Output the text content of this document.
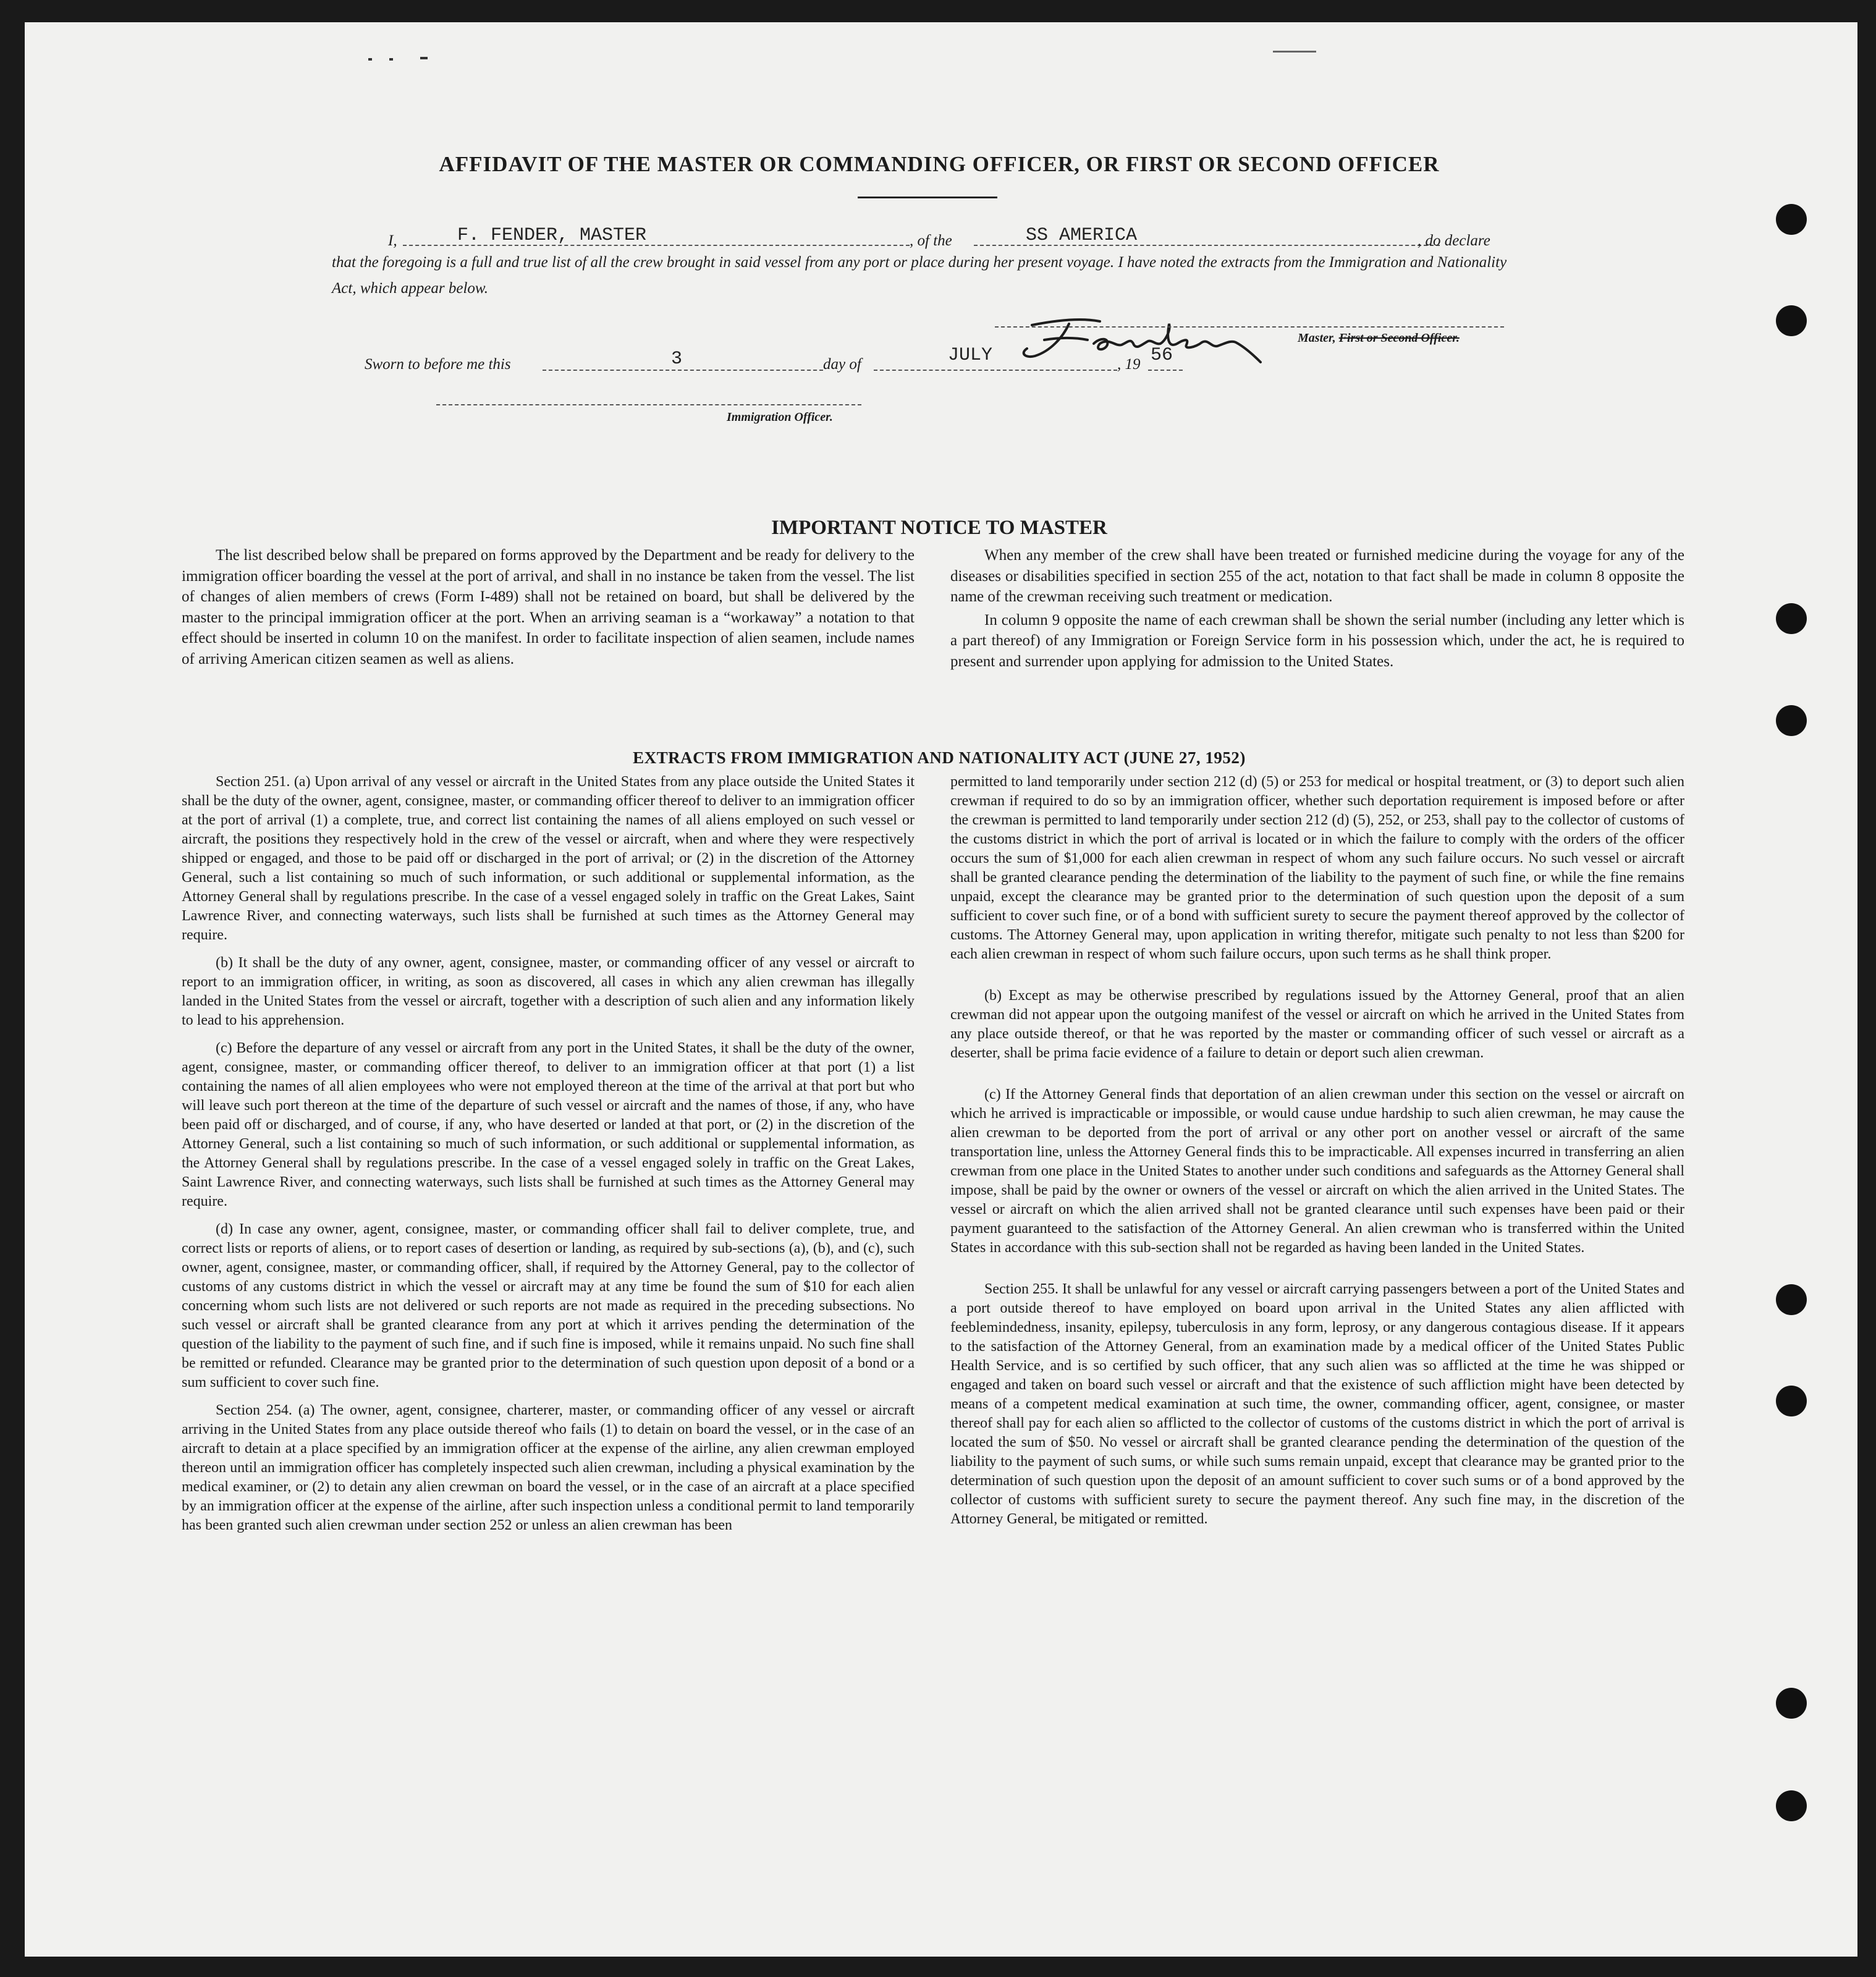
AFFIDAVIT OF THE MASTER OR COMMANDING OFFICER, OR FIRST OR SECOND OFFICER
I,	F. FENDER, MASTER	, of the	SS AMERICA	, do declare
that the foregoing is a full and true list of all the crew brought in said vessel from any port or place during her present voyage. I have noted the extracts from the Immigration and Nationality Act, which appear below.
Master, First or Second Officer.
Sworn to before me this	3	day of	JULY	, 19 56
Immigration Officer.
IMPORTANT NOTICE TO MASTER

The list described below shall be prepared on forms approved by the Department and be ready for delivery to the immigration officer boarding the vessel at the port of arrival, and shall in no instance be taken from the vessel. The list of changes of alien members of crews (Form I-489) shall not be retained on board, but shall be delivered by the master to the principal immigration officer at the port. When an arriving seaman is a “workaway” a notation to that effect should be inserted in column 10 on the manifest. In order to facilitate inspection of alien seamen, include names of arriving American citizen seamen as well as aliens.

When any member of the crew shall have been treated or furnished medicine during the voyage for any of the diseases or disabilities specified in section 255 of the act, notation to that fact shall be made in column 8 opposite the name of the crewman receiving such treatment or medication.

In column 9 opposite the name of each crewman shall be shown the serial number (including any letter which is a part thereof) of any Immigration or Foreign Service form in his possession which, under the act, he is required to present and surrender upon applying for admission to the United States.

EXTRACTS FROM IMMIGRATION AND NATIONALITY ACT (JUNE 27, 1952)

Section 251. (a) Upon arrival of any vessel or aircraft in the United States from any place outside the United States it shall be the duty of the owner, agent, consignee, master, or commanding officer thereof to deliver to an immigration officer at the port of arrival (1) a complete, true, and correct list containing the names of all aliens employed on such vessel or aircraft, the positions they respectively hold in the crew of the vessel or aircraft, when and where they were respectively shipped or engaged, and those to be paid off or discharged in the port of arrival; or (2) in the discretion of the Attorney General, such a list containing so much of such information, or such additional or supplemental information, as the Attorney General shall by regulations prescribe. In the case of a vessel engaged solely in traffic on the Great Lakes, Saint Lawrence River, and connecting waterways, such lists shall be furnished at such times as the Attorney General may require.

(b) It shall be the duty of any owner, agent, consignee, master, or commanding officer of any vessel or aircraft to report to an immigration officer, in writing, as soon as discovered, all cases in which any alien crewman has illegally landed in the United States from the vessel or aircraft, together with a description of such alien and any information likely to lead to his apprehension.

(c) Before the departure of any vessel or aircraft from any port in the United States, it shall be the duty of the owner, agent, consignee, master, or commanding officer thereof, to deliver to an immigration officer at that port (1) a list containing the names of all alien employees who were not employed thereon at the time of the arrival at that port but who will leave such port thereon at the time of the departure of such vessel or aircraft and the names of those, if any, who have been paid off or discharged, and of course, if any, who have deserted or landed at that port, or (2) in the discretion of the Attorney General, such a list containing so much of such information, or such additional or supplemental information, as the Attorney General shall by regulations prescribe. In the case of a vessel engaged solely in traffic on the Great Lakes, Saint Lawrence River, and connecting waterways, such lists shall be furnished at such times as the Attorney General may require.

(d) In case any owner, agent, consignee, master, or commanding officer shall fail to deliver complete, true, and correct lists or reports of aliens, or to report cases of desertion or landing, as required by sub-sections (a), (b), and (c), such owner, agent, consignee, master, or commanding officer, shall, if required by the Attorney General, pay to the collector of customs of any customs district in which the vessel or aircraft may at any time be found the sum of $10 for each alien concerning whom such lists are not delivered or such reports are not made as required in the preceding subsections. No such vessel or aircraft shall be granted clearance from any port at which it arrives pending the determination of the question of the liability to the payment of such fine, and if such fine is imposed, while it remains unpaid. No such fine shall be remitted or refunded. Clearance may be granted prior to the determination of such question upon deposit of a bond or a sum sufficient to cover such fine.

Section 254. (a) The owner, agent, consignee, charterer, master, or commanding officer of any vessel or aircraft arriving in the United States from any place outside thereof who fails (1) to detain on board the vessel, or in the case of an aircraft to detain at a place specified by an immigration officer at the expense of the airline, any alien crewman employed thereon until an immigration officer has completely inspected such alien crewman, including a physical examination by the medical examiner, or (2) to detain any alien crewman on board the vessel, or in the case of an aircraft at a place specified by an immigration officer at the expense of the airline, after such inspection unless a conditional permit to land temporarily has been granted such alien crewman under section 252 or unless an alien crewman has been

permitted to land temporarily under section 212 (d) (5) or 253 for medical or hospital treatment, or (3) to deport such alien crewman if required to do so by an immigration officer, whether such deportation requirement is imposed before or after the crewman is permitted to land temporarily under section 212 (d) (5), 252, or 253, shall pay to the collector of customs of the customs district in which the port of arrival is located or in which the failure to comply with the orders of the officer occurs the sum of $1,000 for each alien crewman in respect of whom any such failure occurs. No such vessel or aircraft shall be granted clearance pending the determination of the liability to the payment of such fine, or while the fine remains unpaid, except the clearance may be granted prior to the determination of such question upon the deposit of a sum sufficient to cover such fine, or of a bond with sufficient surety to secure the payment thereof approved by the collector of customs. The Attorney General may, upon application in writing therefor, mitigate such penalty to not less than $200 for each alien crewman in respect of whom such failure occurs, upon such terms as he shall think proper.

(b) Except as may be otherwise prescribed by regulations issued by the Attorney General, proof that an alien crewman did not appear upon the outgoing manifest of the vessel or aircraft on which he arrived in the United States from any place outside thereof, or that he was reported by the master or commanding officer of such vessel or aircraft as a deserter, shall be prima facie evidence of a failure to detain or deport such alien crewman.

(c) If the Attorney General finds that deportation of an alien crewman under this section on the vessel or aircraft on which he arrived is impracticable or impossible, or would cause undue hardship to such alien crewman, he may cause the alien crewman to be deported from the port of arrival or any other port on another vessel or aircraft of the same transportation line, unless the Attorney General finds this to be impracticable. All expenses incurred in transferring an alien crewman from one place in the United States to another under such conditions and safeguards as the Attorney General shall impose, shall be paid by the owner or owners of the vessel or aircraft on which the alien arrived in the United States. The vessel or aircraft on which the alien arrived shall not be granted clearance until such expenses have been paid or their payment guaranteed to the satisfaction of the Attorney General. An alien crewman who is transferred within the United States in accordance with this sub-section shall not be regarded as having been landed in the United States.

Section 255. It shall be unlawful for any vessel or aircraft carrying passengers between a port of the United States and a port outside thereof to have employed on board upon arrival in the United States any alien afflicted with feeblemindedness, insanity, epilepsy, tuberculosis in any form, leprosy, or any dangerous contagious disease. If it appears to the satisfaction of the Attorney General, from an examination made by a medical officer of the United States Public Health Service, and is so certified by such officer, that any such alien was so afflicted at the time he was shipped or engaged and taken on board such vessel or aircraft and that the existence of such affliction might have been detected by means of a competent medical examination at such time, the owner, commanding officer, agent, consignee, or master thereof shall pay for each alien so afflicted to the collector of customs of the customs district in which the port of arrival is located the sum of $50. No vessel or aircraft shall be granted clearance pending the determination of the question of the liability to the payment of such sums, or while such sums remain unpaid, except that clearance may be granted prior to the determination of such question upon the deposit of an amount sufficient to cover such sums or of a bond approved by the collector of customs with sufficient surety to secure the payment thereof. Any such fine may, in the discretion of the Attorney General, be mitigated or remitted.
